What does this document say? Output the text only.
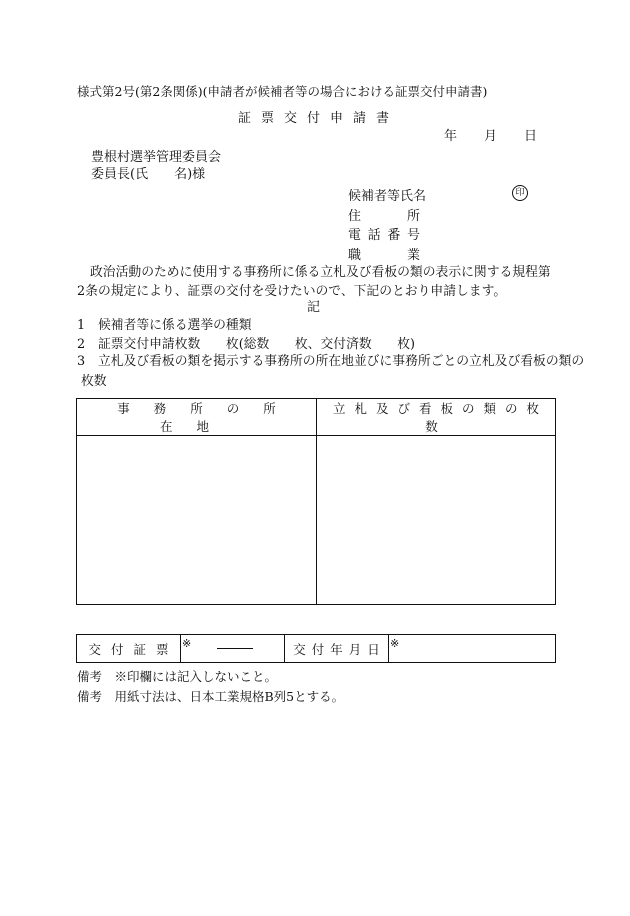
様式第2号(第2条関係)(申請者が候補者等の場合における証票交付申請書)
証票交付申請書
年 月 日
豊根村選挙管理委員会
委員長(氏　　名)様
候補者等氏名
住所
電話番号
職業
印
政治活動のために使用する事務所に係る立札及び看板の類の表示に関する規程第2条の規定により、証票の交付を受けたいので、下記のとおり申請します。
記
1　候補者等に係る選挙の種類
2　証票交付申請枚数　　枚(総数　　枚、交付済数　　枚)
3　立札及び看板の類を掲示する事務所の所在地並びに事務所ごとの立札及び看板の類の
枚数
事務所の所在地	立札及び看板の類の枚数

交付証票	※	交付年月日	※
備考　※印欄には記入しないこと。
備考　用紙寸法は、日本工業規格B列5とする。
